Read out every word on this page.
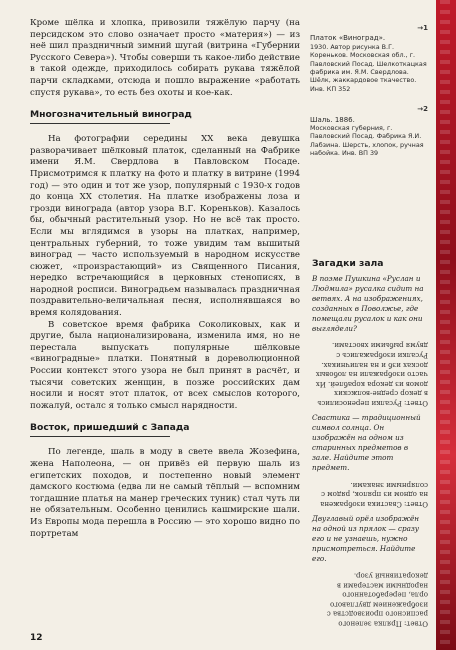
Кроме шёлка и хлопка, привозили тяжёлую парчу (на персидском это слово означает просто «материя») — из неё шил праздничный зимний шугай (витрина «Губернии Русского Севера»). Чтобы соверши ть какое-либо действие в такой одежде, приходилось собирать рукава тяжёлой парчи складками, отсюда и пошло выражение «работать спустя рукава», то есть без охоты и кое-как.

Многозначительный виноград

На фотографии середины XX века девушка разворачивает шёлковый платок, сделанный на Фабрике имени Я.М. Свердлова в Павловском Посаде. Присмотримся к платку на фото и платку в витрине (1994 год) — это один и тот же узор, популярный с 1930-х годов до конца XX столетия. На платке изображены лоза и грозди винограда (автор узора В.Г. Кореньков). Казалось бы, обычный растительный узор. Но не всё так просто. Если мы вглядимся в узоры на платках, например, центральных губерний, то тоже увидим там вышитый виноград — часто используемый в народном искусстве сюжет, «произрастающий» из Священного Писания, нередко встречающийся в церковных стенописях, в народной росписи. Виноградьем называлась праздничная поздравительно-величальная песня, исполнявшаяся во время колядования.

В советское время фабрика Соколиковых, как и другие, была национализирована, изменила имя, но не перестала выпускать популярные шёлковые «виноградные» платки. Понятный в дореволюционной России контекст этого узора не был принят в расчёт, и тысячи советских женщин, в позже российских дам носили и носят этот платок, от всех смыслов которого, пожалуй, осталс я только смысл нарядности.

Восток, пришедший с Запада

По легенде, шаль в моду в свете ввела Жозефина, жена Наполеона, — он привёз ей первую шаль из египетских походов, и постепенно новый элемент дамского костюма (едва ли не самый тёплый — вспомним тогдашние платья на манер греческих туник) стал чуть ли не обязательным. Особенно ценились кашмирские шали. Из Европы мода перешла в Россию — это хорошо видно по портретам

→1
Платок «Виноград».
1930. Автор рисунка В.Г. Кореньков. Московская обл., г. Павловский Посад. Шелкоткацкая фабрика им. Я.М. Свердлова. Шёлк, жаккардовое ткачество. Инв. КП 352
→2
Шаль. 1886.
Московская губерния, г. Павловский Посад. Фабрика Я.И. Лабзина. Шерсть, хлопок, ручная набойка. Инв. ВП 39
Загадки зала

В поэме Пушкина «Руслан и Людмила» русалка сидит на ветвях. А на изображениях, созданных в Поволжье, где помещали русалок и как они выглядели?

Ответ: Русалки переносились в декор средне-волжских домов из декора кораблей. Их часто изображали на лобовых досках изб и на наличниках. Русалки изображались с двумя рыбьими хвостами.

Свастика — традиционный символ солнца. Он изображён на одном из старинных предметов в зале. Найдите этот предмет.

Ответ: Свастика изображена на одном из прялок, рядом с солярными знаками.

Двуглавый орёл изображён на одной из прялок — сразу его и не узнаешь, нужно присмотреться. Найдите его.

Ответ: Прялка зеленого расписного производства с изображением двуглавого орла, переработанного народными мастерами в декоративный узор.
12
